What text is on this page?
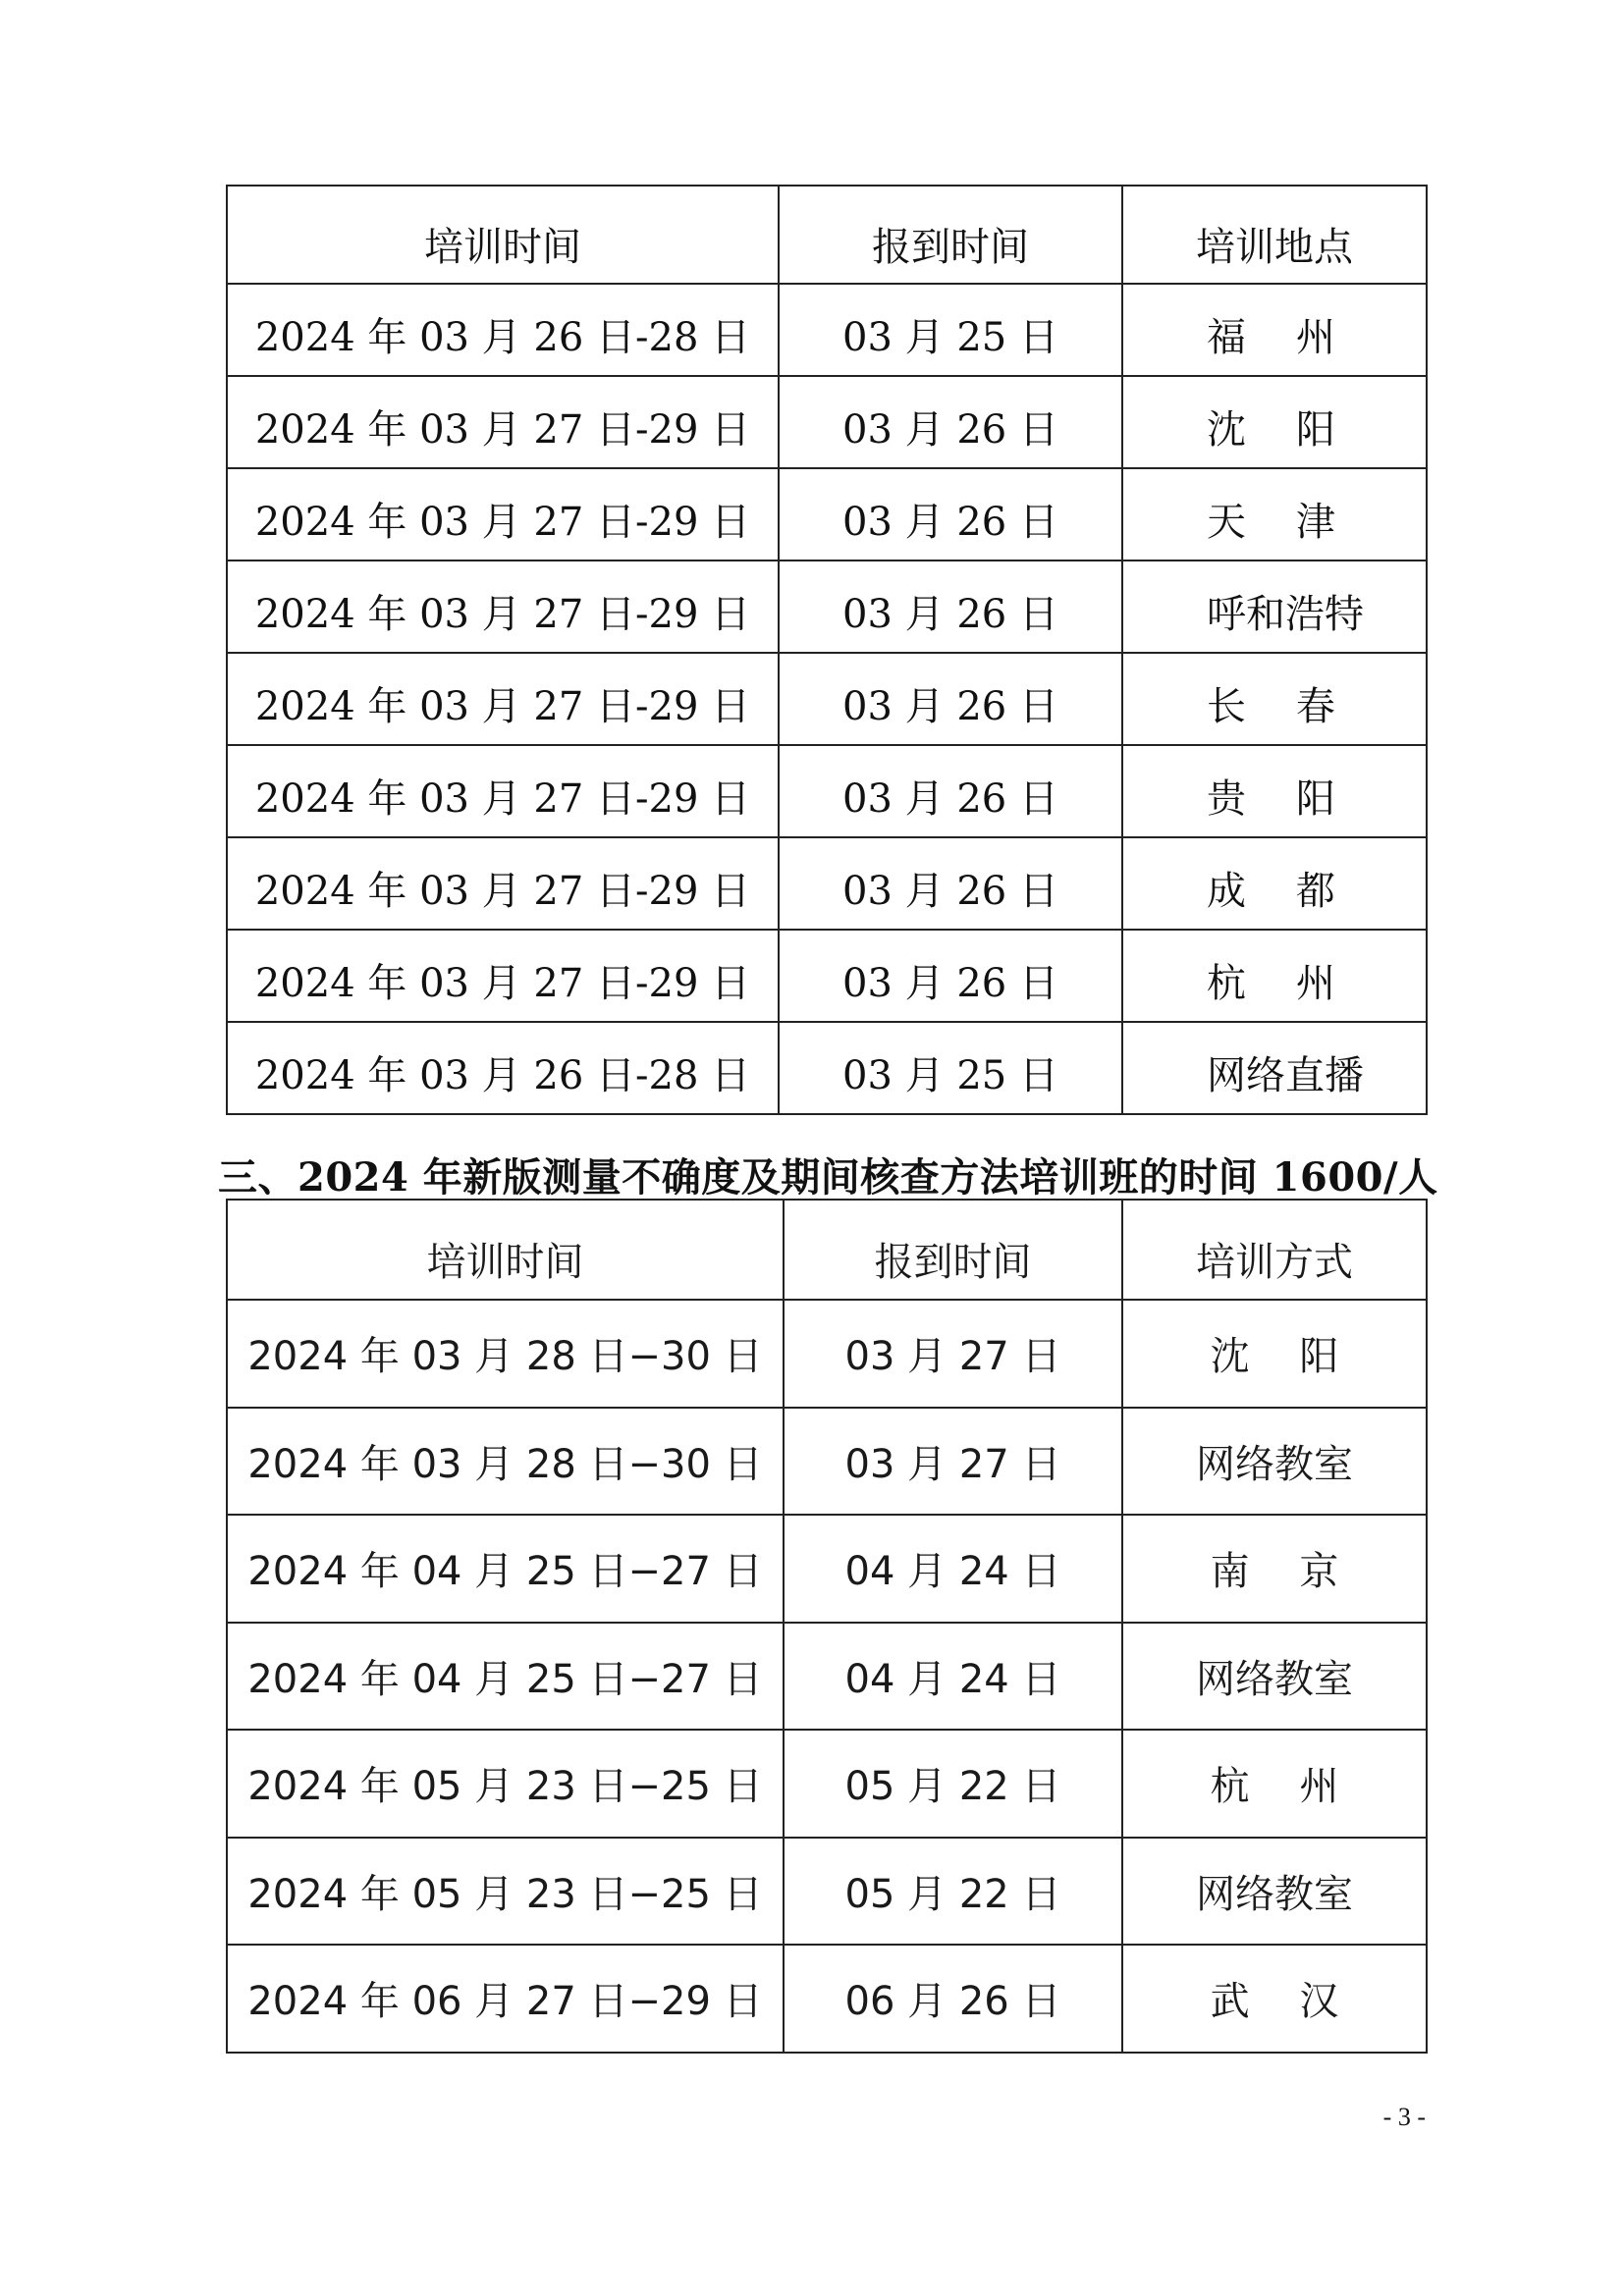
培训时间	报到时间	培训地点
2024 年 03 月 26 日-28 日	03 月 25 日	福    州
2024 年 03 月 27 日-29 日	03 月 26 日	沈    阳
2024 年 03 月 27 日-29 日	03 月 26 日	天    津
2024 年 03 月 27 日-29 日	03 月 26 日	呼和浩特
2024 年 03 月 27 日-29 日	03 月 26 日	长    春
2024 年 03 月 27 日-29 日	03 月 26 日	贵    阳
2024 年 03 月 27 日-29 日	03 月 26 日	成    都
2024 年 03 月 27 日-29 日	03 月 26 日	杭    州
2024 年 03 月 26 日-28 日	03 月 25 日	网络直播
三、2024 年新版测量不确度及期间核查方法培训班的时间 1600/人
培训时间	报到时间	培训方式
2024 年 03 月 28 日−30 日	03 月 27 日	沈    阳
2024 年 03 月 28 日−30 日	03 月 27 日	网络教室
2024 年 04 月 25 日−27 日	04 月 24 日	南    京
2024 年 04 月 25 日−27 日	04 月 24 日	网络教室
2024 年 05 月 23 日−25 日	05 月 22 日	杭    州
2024 年 05 月 23 日−25 日	05 月 22 日	网络教室
2024 年 06 月 27 日−29 日	06 月 26 日	武    汉
- 3 -
